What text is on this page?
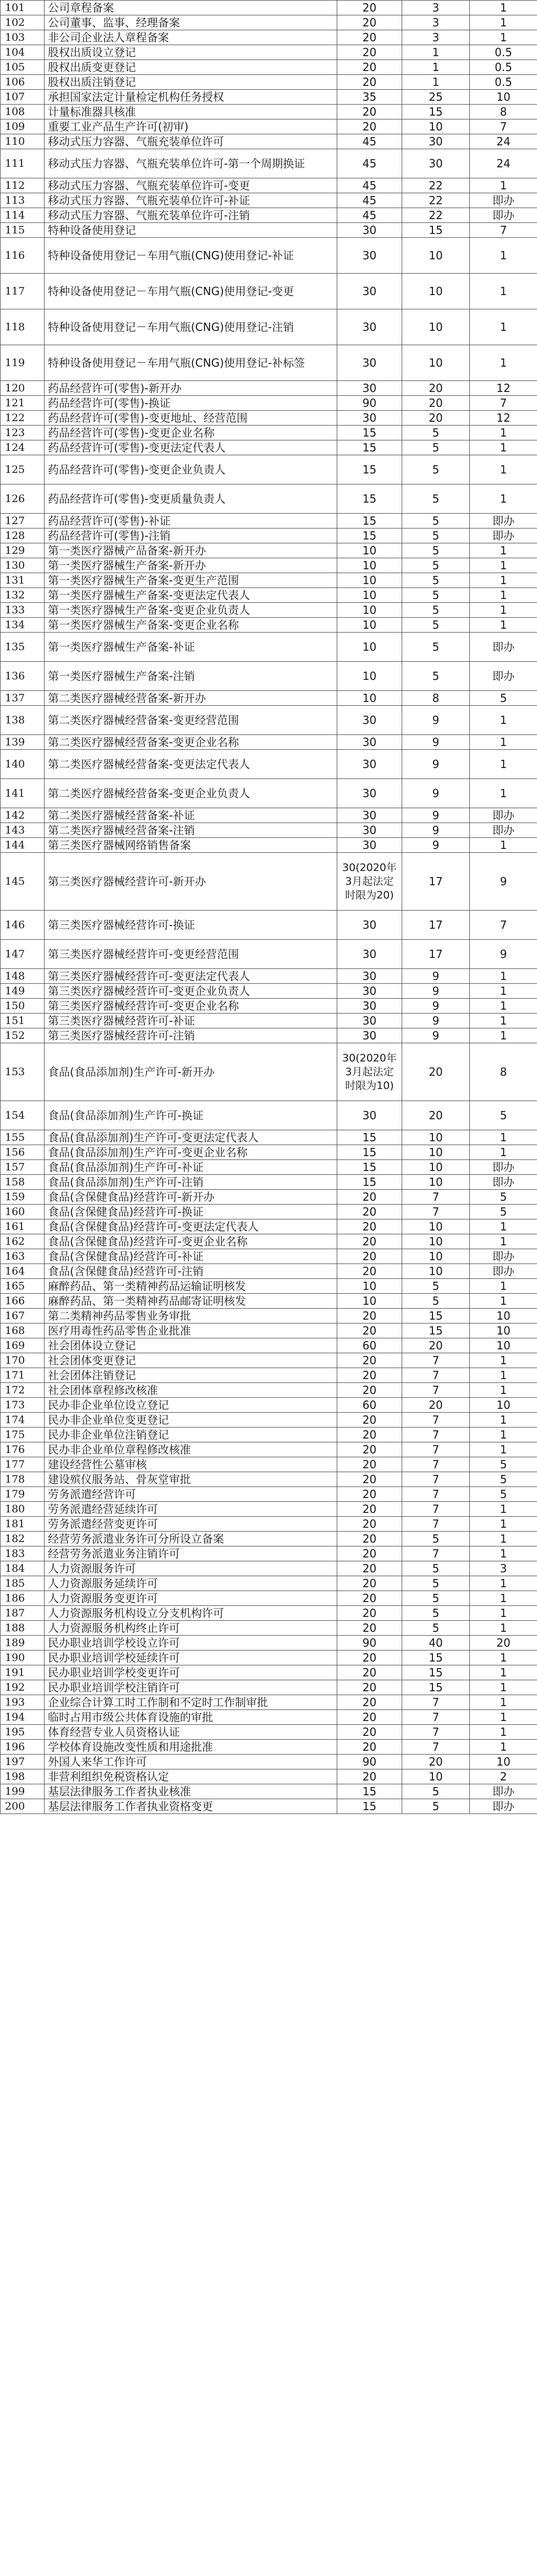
101	公司章程备案	20	3	1
102	公司董事、监事、经理备案	20	3	1
103	非公司企业法人章程备案	20	3	1
104	股权出质设立登记	20	1	0.5
105	股权出质变更登记	20	1	0.5
106	股权出质注销登记	20	1	0.5
107	承担国家法定计量检定机构任务授权	35	25	10
108	计量标准器具核准	20	15	8
109	重要工业产品生产许可(初审)	20	10	7
110	移动式压力容器、气瓶充装单位许可	45	30	24
111	移动式压力容器、气瓶充装单位许可-第一个周期换证	45	30	24
112	移动式压力容器、气瓶充装单位许可-变更	45	22	1
113	移动式压力容器、气瓶充装单位许可-补证	45	22	即办
114	移动式压力容器、气瓶充装单位许可-注销	45	22	即办
115	特种设备使用登记	30	15	7
116	特种设备使用登记－车用气瓶(CNG)使用登记-补证	30	10	1
117	特种设备使用登记－车用气瓶(CNG)使用登记-变更	30	10	1
118	特种设备使用登记－车用气瓶(CNG)使用登记-注销	30	10	1
119	特种设备使用登记－车用气瓶(CNG)使用登记-补标签	30	10	1
120	药品经营许可(零售)-新开办	30	20	12
121	药品经营许可(零售)-换证	90	20	7
122	药品经营许可(零售)-变更地址、经营范围	30	20	12
123	药品经营许可(零售)-变更企业名称	15	5	1
124	药品经营许可(零售)-变更法定代表人	15	5	1
125	药品经营许可(零售)-变更企业负责人	15	5	1
126	药品经营许可(零售)-变更质量负责人	15	5	1
127	药品经营许可(零售)-补证	15	5	即办
128	药品经营许可(零售)-注销	15	5	即办
129	第一类医疗器械产品备案-新开办	10	5	1
130	第一类医疗器械生产备案-新开办	10	5	1
131	第一类医疗器械生产备案-变更生产范围	10	5	1
132	第一类医疗器械生产备案-变更法定代表人	10	5	1
133	第一类医疗器械生产备案-变更企业负责人	10	5	1
134	第一类医疗器械生产备案-变更企业名称	10	5	1
135	第一类医疗器械生产备案-补证	10	5	即办
136	第一类医疗器械生产备案-注销	10	5	即办
137	第二类医疗器械经营备案-新开办	10	8	5
138	第二类医疗器械经营备案-变更经营范围	30	9	1
139	第二类医疗器械经营备案-变更企业名称	30	9	1
140	第二类医疗器械经营备案-变更法定代表人	30	9	1
141	第二类医疗器械经营备案-变更企业负责人	30	9	1
142	第二类医疗器械经营备案-补证	30	9	即办
143	第二类医疗器械经营备案-注销	30	9	即办
144	第三类医疗器械网络销售备案	30	9	1
145	第三类医疗器械经营许可-新开办	30(2020年3月起法定时限为20)	17	9
146	第三类医疗器械经营许可-换证	30	17	7
147	第三类医疗器械经营许可-变更经营范围	30	17	9
148	第三类医疗器械经营许可-变更法定代表人	30	9	1
149	第三类医疗器械经营许可-变更企业负责人	30	9	1
150	第三类医疗器械经营许可-变更企业名称	30	9	1
151	第三类医疗器械经营许可-补证	30	9	1
152	第三类医疗器械经营许可-注销	30	9	1
153	食品(食品添加剂)生产许可-新开办	30(2020年3月起法定时限为10)	20	8
154	食品(食品添加剂)生产许可-换证	30	20	5
155	食品(食品添加剂)生产许可-变更法定代表人	15	10	1
156	食品(食品添加剂)生产许可-变更企业名称	15	10	1
157	食品(食品添加剂)生产许可-补证	15	10	即办
158	食品(食品添加剂)生产许可-注销	15	10	即办
159	食品(含保健食品)经营许可-新开办	20	7	5
160	食品(含保健食品)经营许可-换证	20	7	5
161	食品(含保健食品)经营许可-变更法定代表人	20	10	1
162	食品(含保健食品)经营许可-变更企业名称	20	10	1
163	食品(含保健食品)经营许可-补证	20	10	即办
164	食品(含保健食品)经营许可-注销	20	10	即办
165	麻醉药品、第一类精神药品运输证明核发	10	5	1
166	麻醉药品、第一类精神药品邮寄证明核发	10	5	1
167	第二类精神药品零售业务审批	20	15	10
168	医疗用毒性药品零售企业批准	20	15	10
169	社会团体设立登记	60	20	10
170	社会团体变更登记	20	7	1
171	社会团体注销登记	20	7	1
172	社会团体章程修改核准	20	7	1
173	民办非企业单位设立登记	60	20	10
174	民办非企业单位变更登记	20	7	1
175	民办非企业单位注销登记	20	7	1
176	民办非企业单位章程修改核准	20	7	1
177	建设经营性公墓审核	20	7	5
178	建设殡仪服务站、骨灰堂审批	20	7	5
179	劳务派遣经营许可	20	7	5
180	劳务派遣经营延续许可	20	7	1
181	劳务派遣经营变更许可	20	7	1
182	经营劳务派遣业务许可分所设立备案	20	5	1
183	经营劳务派遣业务注销许可	20	7	1
184	人力资源服务许可	20	5	3
185	人力资源服务延续许可	20	5	1
186	人力资源服务变更许可	20	5	1
187	人力资源服务机构设立分支机构许可	20	5	1
188	人力资源服务机构终止许可	20	5	1
189	民办职业培训学校设立许可	90	40	20
190	民办职业培训学校延续许可	20	15	1
191	民办职业培训学校变更许可	20	15	1
192	民办职业培训学校注销许可	20	15	1
193	企业综合计算工时工作制和不定时工作制审批	20	7	1
194	临时占用市级公共体育设施的审批	20	7	1
195	体育经营专业人员资格认证	20	7	1
196	学校体育设施改变性质和用途批准	20	7	1
197	外国人来华工作许可	90	20	10
198	非营利组织免税资格认定	20	10	2
199	基层法律服务工作者执业核准	15	5	即办
200	基层法律服务工作者执业资格变更	15	5	即办
